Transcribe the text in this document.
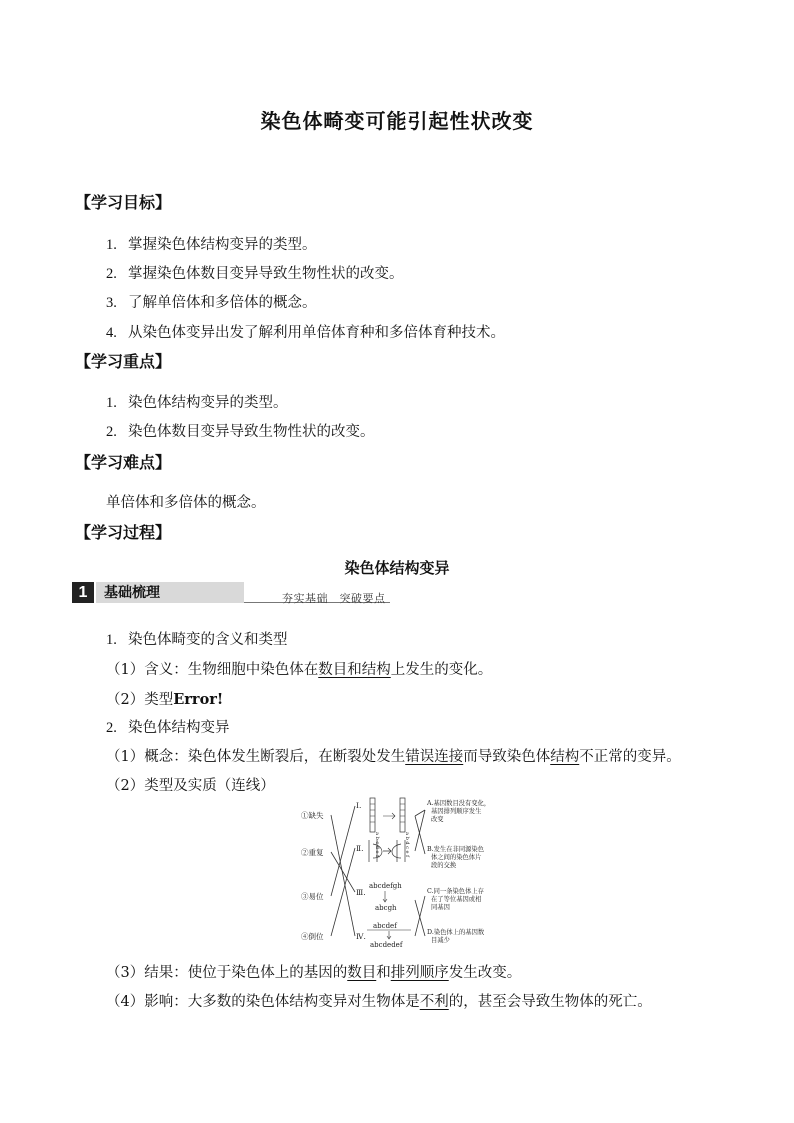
染色体畸变可能引起性状改变
【学习目标】
1. 掌握染色体结构变异的类型。
2. 掌握染色体数目变异导致生物性状的改变。
3. 了解单倍体和多倍体的概念。
4. 从染色体变异出发了解利用单倍体育种和多倍体育种技术。
【学习重点】
1. 染色体结构变异的类型。
2. 染色体数目变异导致生物性状的改变。
【学习难点】
单倍体和多倍体的概念。
【学习过程】
染色体结构变异
1	基础梳理	夯实基础　突破要点
1. 染色体畸变的含义和类型
（1）含义：生物细胞中染色体在数目和结构上发生的变化。
（2）类型Error!
2. 染色体结构变异
（1）概念：染色体发生断裂后，在断裂处发生错误连接而导致染色体结构不正常的变异。
（2）类型及实质（连线）
①缺失
②重复
③易位
④倒位
Ⅰ.
Ⅱ.
Ⅲ.
Ⅳ.
a b c d e f	a b d c e f
abcdefgh
abcgh
abcdef
abcdedef
A.基因数目没有变化， 基因排列顺序发生 改变
B.发生在非同源染色 体之间的染色体片 段的交换
C.同一条染色体上存 在了等位基因或相 同基因
D.染色体上的基因数 目减少
（3）结果：使位于染色体上的基因的数目和排列顺序发生改变。
（4）影响：大多数的染色体结构变异对生物体是不利的，甚至会导致生物体的死亡。
